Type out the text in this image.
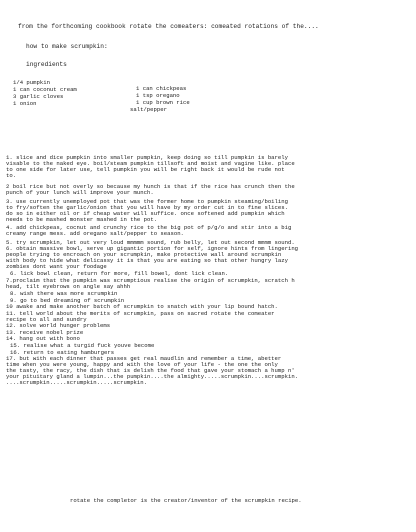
from the forthcoming cookbook rotate the comeaters: comeated rotations of the....
how to make scrumpkin:
ingredients
1/4 pumpkin
1 can coconut cream
3 garlic cloves
1 onion
1 can chickpeas
1 tsp oregano
1 cup brown rice
salt/pepper
1. slice and dice pumpkin into smaller pumpkin, keep doing so till pumpkin is barely
visable to the naked eye. boil/steam pumpkin tillsoft and moist and vagine like. place
to one side for later use, tell pumpkin you will be right back it would be rude not
to.
2 boil rice but not overly so because my hunch is that if the rice has crunch then the
punch of your lunch will improve your munch.
3. use currently unemployed pot that was the former home to pumpkin steaming/boiling
to fry/soften the garlic/onion that you will have by my order cut in to fine slices.
do so in either oil or if cheap water will suffice. once softened add pumpkin which
needs to be mashed monster mashed in the pot.
4. add chickpeas, cocnut and crunchy rice to the big pot of p/g/o and stir into a big
creamy range mess. add oregano salt/pepper to season.
5. try scrumpkin, let out very loud mmmmm sound, rub belly, let out second mmmm sound.
6. obtain massive bowl, serve up gigantic portion for self, ignore hints from lingering
people trying to encroach on your scrumpkin, make protective wall around scrumpkin
with body to hide what delicassy it is that you are eating so that other hungry lazy
zombies dont want your foodage
6. lick bowl clean, return for more, fill bowel, dont lick clean.
7.proclaim that the pumpkin was scrumptious realise the origin of scrumpkin, scratch h
head, tilt eyebrows on angle say ahhh
8. wish there was more scrumpkin
9. go to bed dreaming of scrumpkin
10 awake and make another batch of scrumpkin to snatch with your lip bound hatch.
11. tell world about the merits of scrumpkin, pass on sacred rotate the comeater
recipe to all and sundry
12. solve world hunger problems
13. receive nobel prize
14. hang out with bono
15. realise what a turgid fuck youve become
16. return to eating hamburgers
17. but with each dinner that passes get real maudlin and remember a time, abetter
time when you were young, happy and with the love of your life - the one the only
the tasty, the racy, the dish that is delish the food that gave your stomach a hump n'
your pituitary gland a lumpin...the pumpkin....the almighty.....scrumpkin....scrumpkin.
....scrumpkin.....scrumpkin.....scrumpkin.
rotate the completor is the creator/inventor of the scrumpkin recipe.
